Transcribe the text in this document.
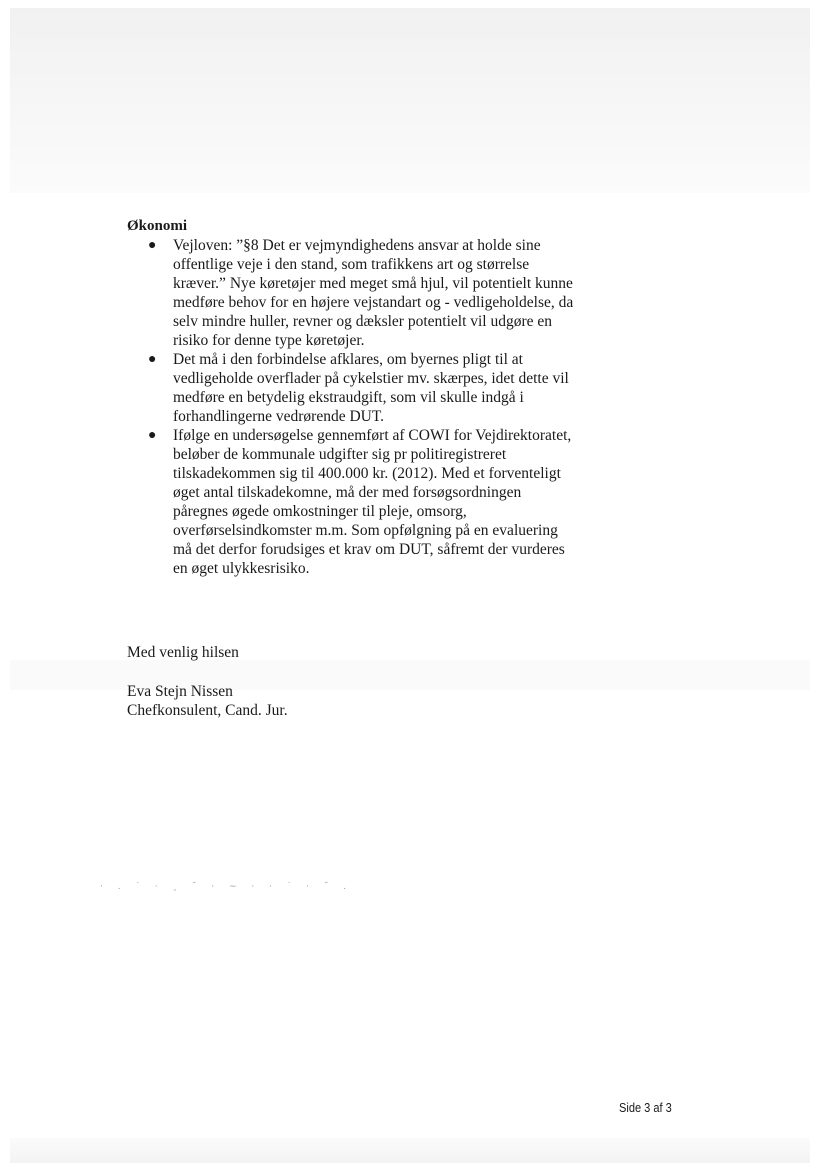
· . ˙ · ¸ ˘ · ~ · · ˙ · ˘ .
Økonomi
● Vejloven: ”§8 Det er vejmyndighedens ansvar at holde sine offentlige veje i den stand, som trafikkens art og størrelse kræver.” Nye køretøjer med meget små hjul, vil potentielt kunne medføre behov for en højere vejstandart og - vedligeholdelse, da selv mindre huller, revner og dæksler potentielt vil udgøre en risiko for denne type køretøjer.
● Det må i den forbindelse afklares, om byernes pligt til at vedligeholde overflader på cykelstier mv. skærpes, idet dette vil medføre en betydelig ekstraudgift, som vil skulle indgå i forhandlingerne vedrørende DUT.
● Ifølge en undersøgelse gennemført af COWI for Vejdirektoratet, beløber de kommunale udgifter sig pr politiregistreret tilskadekommen sig til 400.000 kr. (2012). Med et forventeligt øget antal tilskadekomne, må der med forsøgsordningen påregnes øgede omkostninger til pleje, omsorg, overførselsindkomster m.m. Som opfølgning på en evaluering må det derfor forudsiges et krav om DUT, såfremt der vurderes en øget ulykkesrisiko.

Med venlig hilsen

Eva Stejn Nissen

Chefkonsulent, Cand. Jur.

Side 3 af 3
